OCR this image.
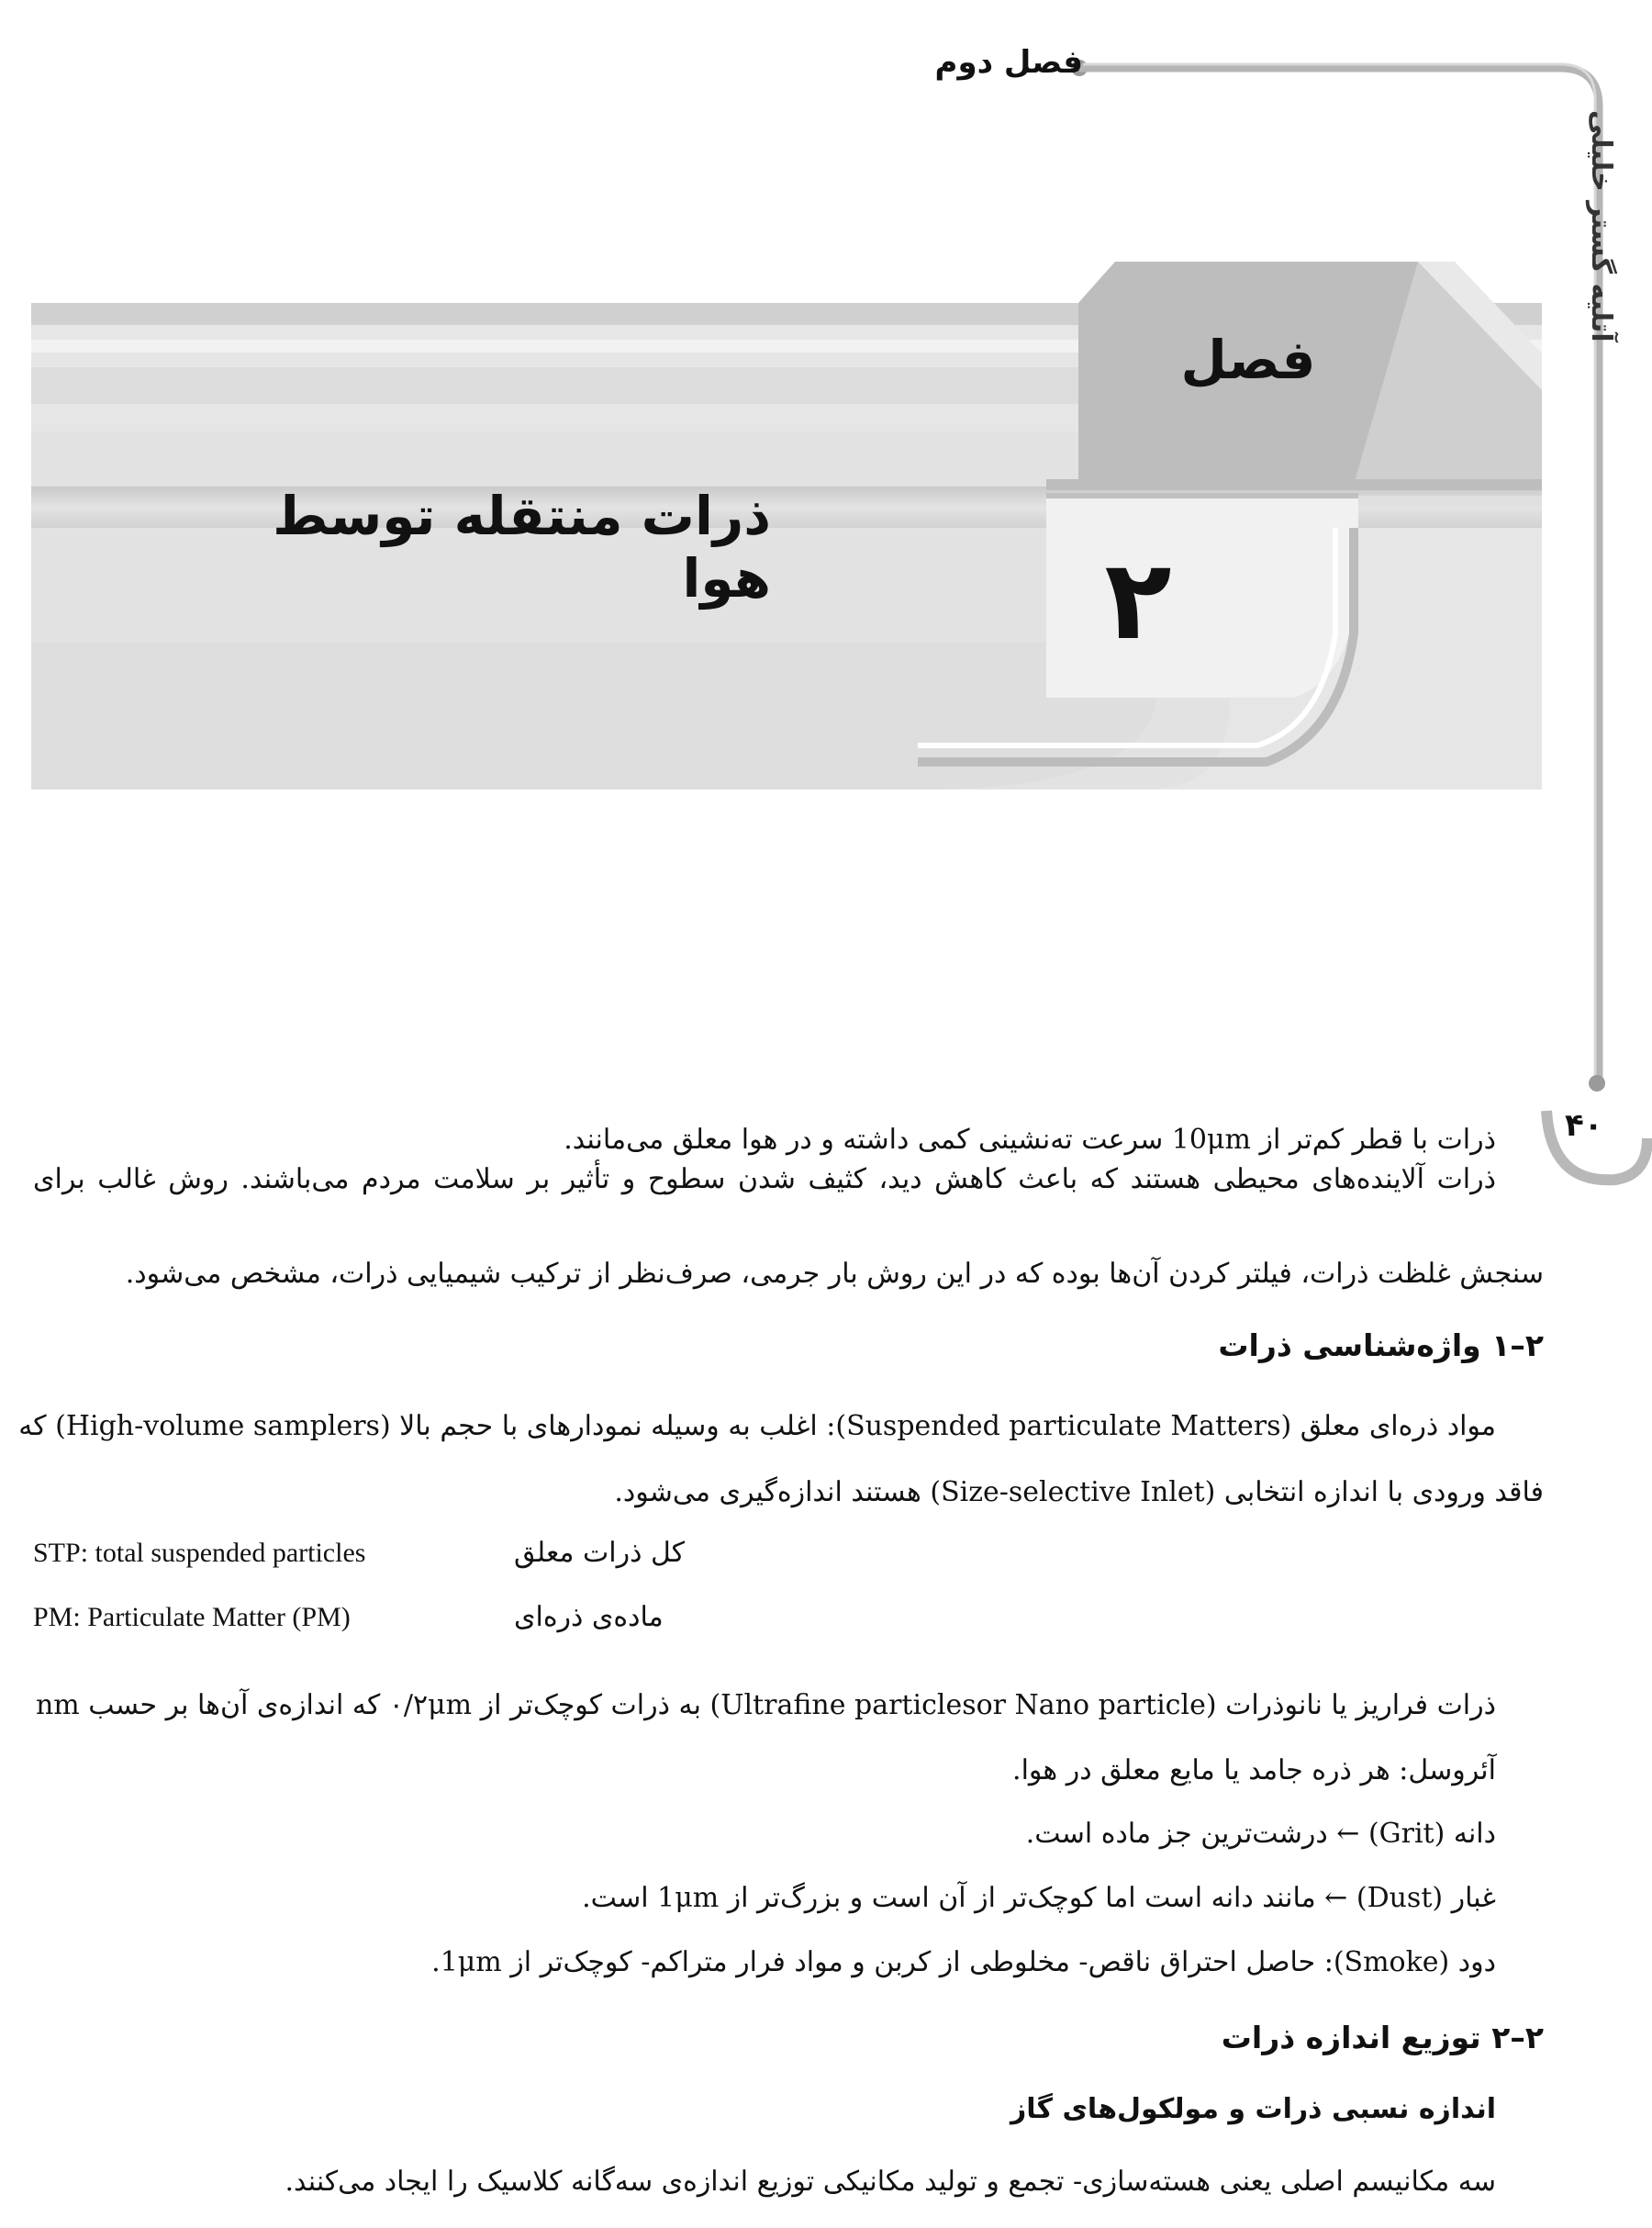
فصل دوم
آتلیه گستر خلیلی
۴۰
فصل
۲
ذرات منتقله توسط هوا
ذرات با قطر کم‌تر از 10μm سرعت ته‌نشینی کمی داشته و در هوا معلق می‌مانند.
ذرات آلاینده‌های محیطی هستند که باعث کاهش دید، کثیف شدن سطوح و تأثیر بر سلامت مردم می‌باشند. روش غالب برای
سنجش غلظت ذرات، فیلتر کردن آن‌ها بوده که در این روش بار جرمی، صرف‌نظر از ترکیب شیمیایی ذرات، مشخص می‌شود.
۲–۱ واژه‌شناسی ذرات
مواد ذره‌ای معلق (Suspended particulate Matters): اغلب به وسیله نمودارهای با حجم بالا (High-volume samplers) که
فاقد ورودی با اندازه انتخابی (Size-selective Inlet) هستند اندازه‌گیری می‌شود.
STP: total suspended particles	کل ذرات معلق
PM: Particulate Matter (PM)	ماده‌ی ذره‌ای
ذرات فراریز یا نانوذرات (Ultrafine particlesor Nano particle) به ذرات کوچک‌تر از ۰/۲μm که اندازه‌ی آن‌ها بر حسب nm
آئروسل: هر ذره جامد یا مایع معلق در هوا.
دانه (Grit) ← درشت‌ترین جز ماده است.
غبار (Dust) ← مانند دانه است اما کوچک‌تر از آن است و بزرگ‌تر از 1μm است.
دود (Smoke): حاصل احتراق ناقص- مخلوطی از کربن و مواد فرار متراکم- کوچک‌تر از 1μm.
۲–۲ توزیع اندازه ذرات
اندازه نسبی ذرات و مولکول‌های گاز
سه مکانیسم اصلی یعنی هسته‌سازی- تجمع و تولید مکانیکی توزیع اندازه‌ی سه‌گانه کلاسیک را ایجاد می‌کنند.
